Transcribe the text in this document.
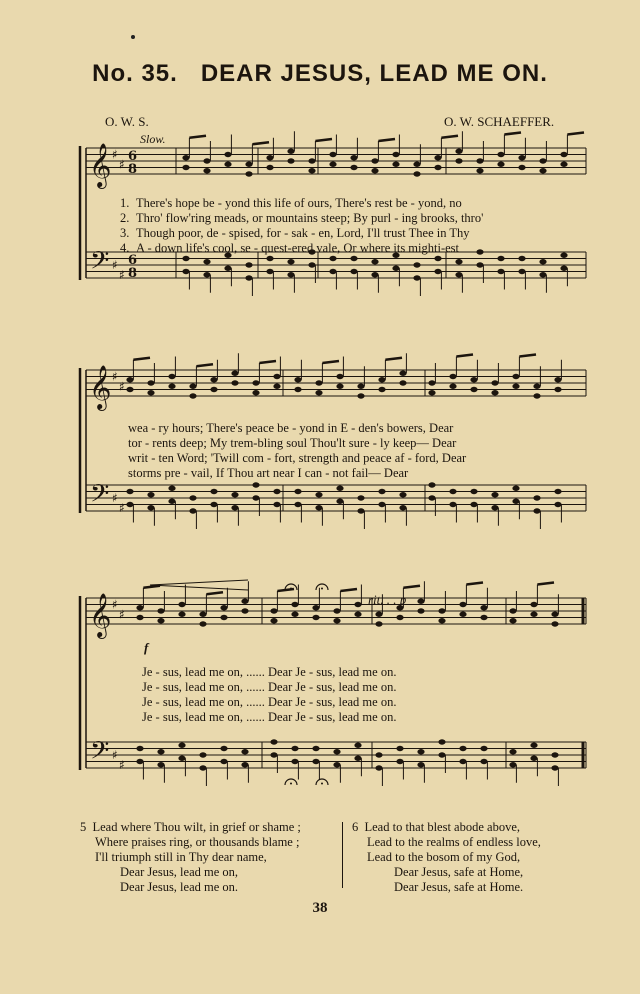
No. 35. DEAR JESUS, LEAD ME ON.
O. W. S.	O. W. SCHAEFFER.
Slow.
𝄞
𝄢
♯
♯
♯
♯
6
8
6
8
𝄞
𝄢
♯
♯
♯
♯
𝄞
𝄢
♯
♯
♯
♯
1. There's hope be - yond this life of ours, There's rest be - yond, no
2. Thro' flow'ring meads, or mountains steep; By purl - ing brooks, thro'
3. Though poor, de - spised, for - sak - en, Lord, I'll trust Thee in Thy
4. A - down life's cool, se - quest-ered vale, Or where its mighti-est
wea - ry hours; There's peace be - yond in E - den's bowers, Dear
tor - rents deep; My trem-bling soul Thou'lt sure - ly keep— Dear
writ - ten Word; 'Twill com - fort, strength and peace af - ford, Dear
storms pre - vail, If Thou art near I can - not fail— Dear
Je - sus, lead me on, ...... Dear Je - sus, lead me on.
Je - sus, lead me on, ...... Dear Je - sus, lead me on.
Je - sus, lead me on, ...... Dear Je - sus, lead me on.
Je - sus, lead me on, ...... Dear Je - sus, lead me on.
f
rit. . . p
5 Lead where Thou wilt, in grief or shame ;
Where praises ring, or thousands blame ;
I'll triumph still in Thy dear name,
Dear Jesus, lead me on,
Dear Jesus, lead me on.
6 Lead to that blest abode above,
Lead to the realms of endless love,
Lead to the bosom of my God,
Dear Jesus, safe at Home,
Dear Jesus, safe at Home.
38
